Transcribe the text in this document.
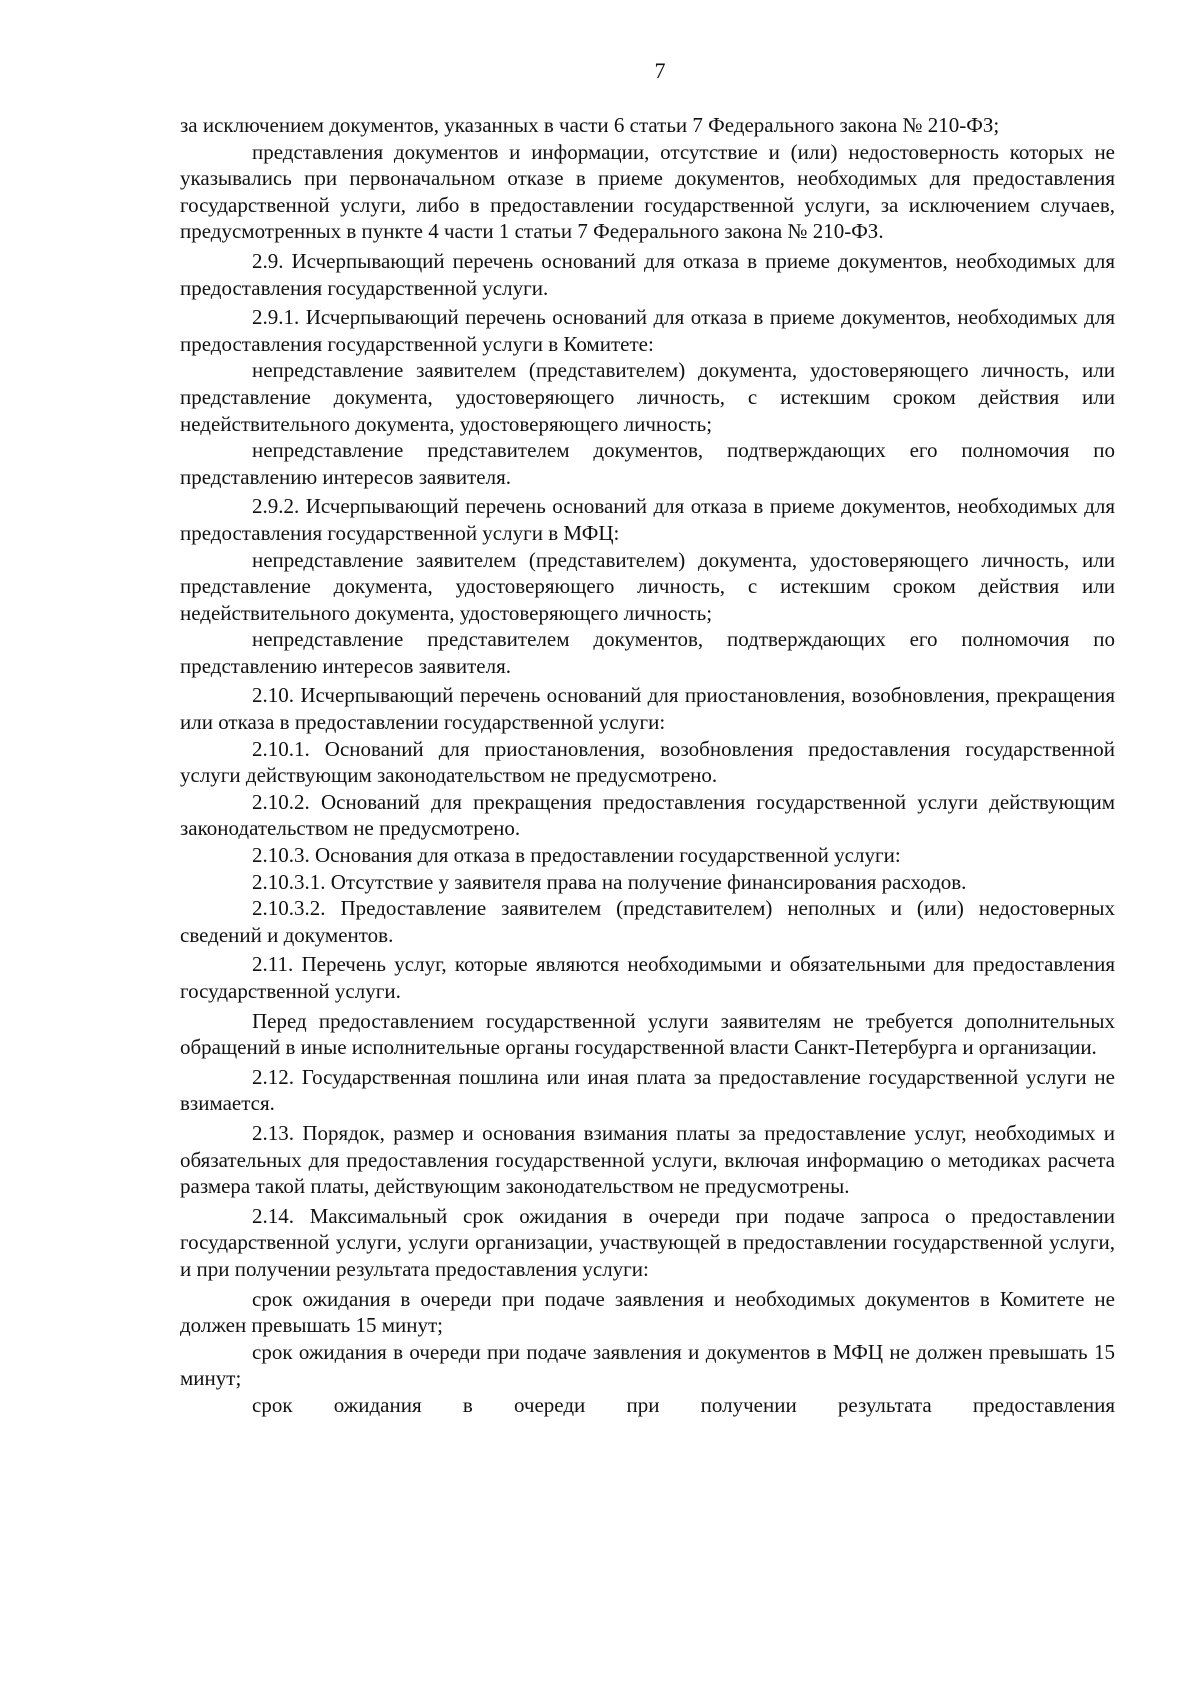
7

за исключением документов, указанных в части 6 статьи 7 Федерального закона № 210-ФЗ;

представления документов и информации, отсутствие и (или) недостоверность которых не указывались при первоначальном отказе в приеме документов, необходимых для предоставления государственной услуги, либо в предоставлении государственной услуги, за исключением случаев, предусмотренных в пункте 4 части 1 статьи 7 Федерального закона № 210-ФЗ.

2.9. Исчерпывающий перечень оснований для отказа в приеме документов, необходимых для предоставления государственной услуги.

2.9.1. Исчерпывающий перечень оснований для отказа в приеме документов, необходимых для предоставления государственной услуги в Комитете:

непредставление заявителем (представителем) документа, удостоверяющего личность, или представление документа, удостоверяющего личность, с истекшим сроком действия или недействительного документа, удостоверяющего личность;

непредставление представителем документов, подтверждающих его полномочия по представлению интересов заявителя.

2.9.2. Исчерпывающий перечень оснований для отказа в приеме документов, необходимых для предоставления государственной услуги в МФЦ:

непредставление заявителем (представителем) документа, удостоверяющего личность, или представление документа, удостоверяющего личность, с истекшим сроком действия или недействительного документа, удостоверяющего личность;

непредставление представителем документов, подтверждающих его полномочия по представлению интересов заявителя.

2.10. Исчерпывающий перечень оснований для приостановления, возобновления, прекращения или отказа в предоставлении государственной услуги:

2.10.1. Оснований для приостановления, возобновления предоставления государственной услуги действующим законодательством не предусмотрено.

2.10.2. Оснований для прекращения предоставления государственной услуги действующим законодательством не предусмотрено.

2.10.3. Основания для отказа в предоставлении государственной услуги:

2.10.3.1. Отсутствие у заявителя права на получение финансирования расходов.

2.10.3.2. Предоставление заявителем (представителем) неполных и (или) недостоверных сведений и документов.

2.11. Перечень услуг, которые являются необходимыми и обязательными для предоставления государственной услуги.

Перед предоставлением государственной услуги заявителям не требуется дополнительных обращений в иные исполнительные органы государственной власти Санкт-Петербурга и организации.

2.12. Государственная пошлина или иная плата за предоставление государственной услуги не взимается.

2.13. Порядок, размер и основания взимания платы за предоставление услуг, необходимых и обязательных для предоставления государственной услуги, включая информацию о методиках расчета размера такой платы, действующим законодательством не предусмотрены.

2.14. Максимальный срок ожидания в очереди при подаче запроса о предоставлении государственной услуги, услуги организации, участвующей в предоставлении государственной услуги, и при получении результата предоставления услуги:

срок ожидания в очереди при подаче заявления и необходимых документов в Комитете не должен превышать 15 минут;

срок ожидания в очереди при подаче заявления и документов в МФЦ не должен превышать 15 минут;

срок ожидания в очереди при получении результата предоставления
